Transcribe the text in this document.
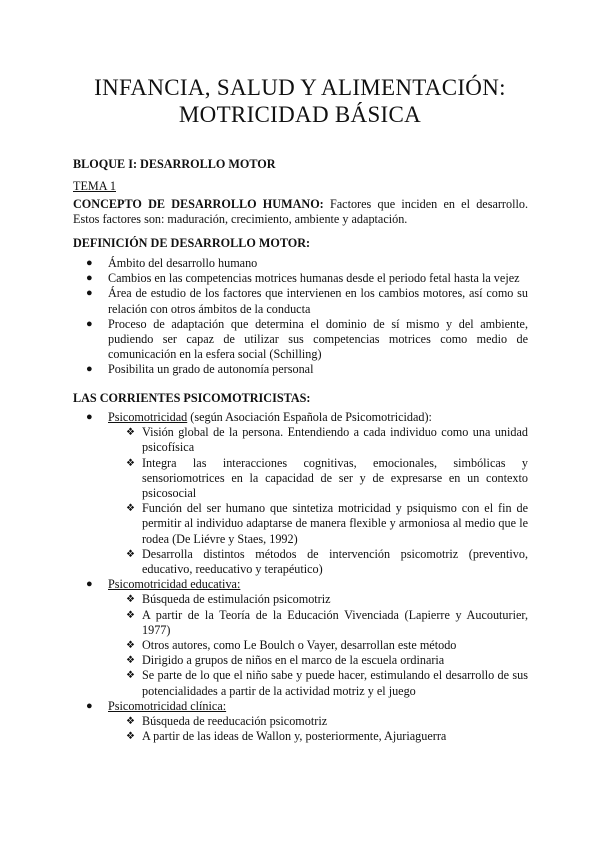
INFANCIA, SALUD Y ALIMENTACIÓN:
MOTRICIDAD BÁSICA
BLOQUE I: DESARROLLO MOTOR
TEMA 1
CONCEPTO DE DESARROLLO HUMANO: Factores que inciden en el desarrollo. Estos factores son: maduración, crecimiento, ambiente y adaptación.
DEFINICIÓN DE DESARROLLO MOTOR:
● Ámbito del desarrollo humano
● Cambios en las competencias motrices humanas desde el periodo fetal hasta la vejez
● Área de estudio de los factores que intervienen en los cambios motores, así como su relación con otros ámbitos de la conducta
● Proceso de adaptación que determina el dominio de sí mismo y del ambiente, pudiendo ser capaz de utilizar sus competencias motrices como medio de comunicación en la esfera social (Schilling)
● Posibilita un grado de autonomía personal
LAS CORRIENTES PSICOMOTRICISTAS:
● Psicomotricidad (según Asociación Española de Psicomotricidad):
❖ Visión global de la persona. Entendiendo a cada individuo como una unidad psicofísica
❖ Integra las interacciones cognitivas, emocionales, simbólicas y sensoriomotrices en la capacidad de ser y de expresarse en un contexto psicosocial
❖ Función del ser humano que sintetiza motricidad y psiquismo con el fin de permitir al individuo adaptarse de manera flexible y armoniosa al medio que le rodea (De Liévre y Staes, 1992)
❖ Desarrolla distintos métodos de intervención psicomotriz (preventivo, educativo, reeducativo y terapéutico)
● Psicomotricidad educativa:
❖ Búsqueda de estimulación psicomotriz
❖ A partir de la Teoría de la Educación Vivenciada (Lapierre y Aucouturier, 1977)
❖ Otros autores, como Le Boulch o Vayer, desarrollan este método
❖ Dirigido a grupos de niños en el marco de la escuela ordinaria
❖ Se parte de lo que el niño sabe y puede hacer, estimulando el desarrollo de sus potencialidades a partir de la actividad motriz y el juego
● Psicomotricidad clínica:
❖ Búsqueda de reeducación psicomotriz
❖ A partir de las ideas de Wallon y, posteriormente, Ajuriaguerra
